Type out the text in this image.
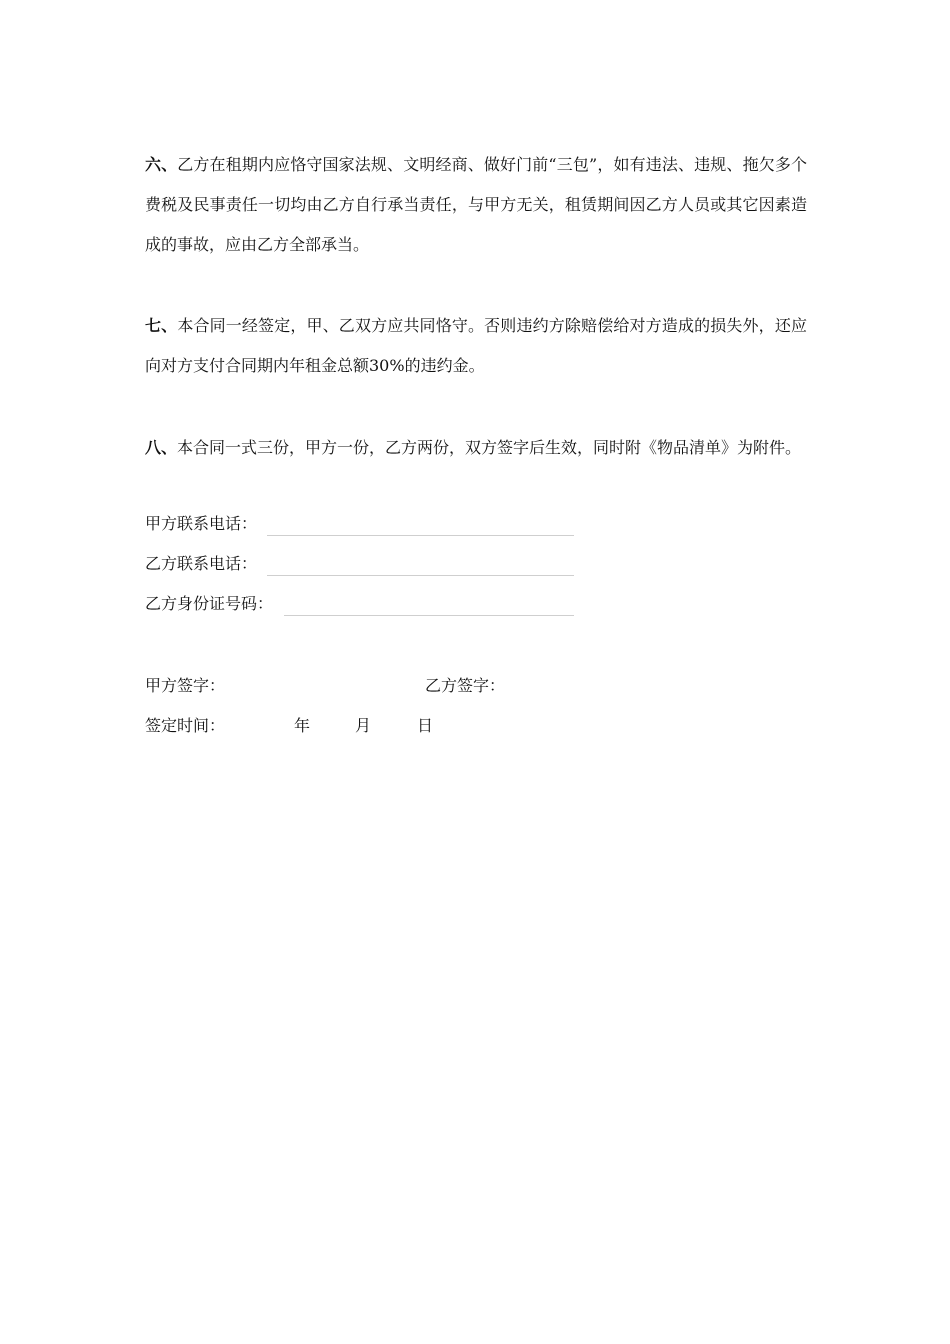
六、乙方在租期内应恪守国家法规、文明经商、做好门前“三包”，如有违法、违规、拖欠多个费税及民事责任一切均由乙方自行承当责任，与甲方无关，租赁期间因乙方人员或其它因素造成的事故，应由乙方全部承当。

七、本合同一经签定，甲、乙双方应共同恪守。否则违约方除赔偿给对方造成的损失外，还应向对方支付合同期内年租金总额30%的违约金。

八、本合同一式三份，甲方一份，乙方两份，双方签字后生效，同时附《物品清单》为附件。

甲方联系电话：
乙方联系电话：
乙方身份证号码：
甲方签字：	乙方签字：
签定时间：	年	月	日
